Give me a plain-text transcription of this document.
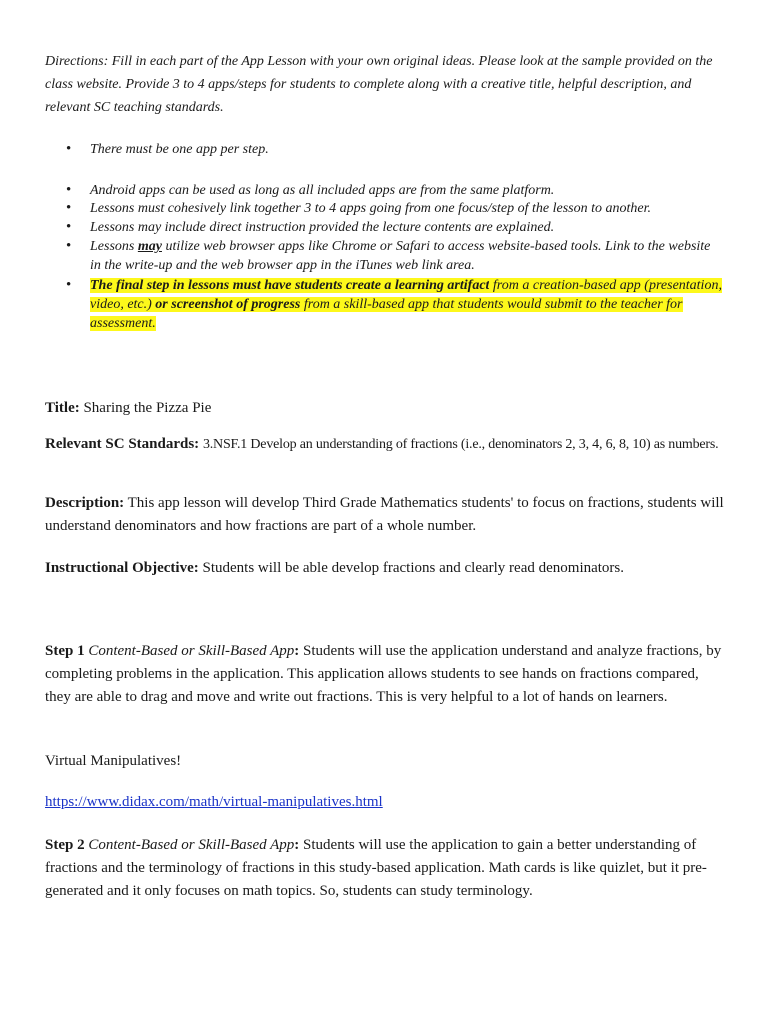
Directions: Fill in each part of the App Lesson with your own original ideas. Please look at the sample provided on the class website. Provide 3 to 4 apps/steps for students to complete along with a creative title, helpful description, and relevant SC teaching standards.
• There must be one app per step.
• Android apps can be used as long as all included apps are from the same platform.
• Lessons must cohesively link together 3 to 4 apps going from one focus/step of the lesson to another.
• Lessons may include direct instruction provided the lecture contents are explained.
• Lessons may utilize web browser apps like Chrome or Safari to access website-based tools. Link to the website in the write-up and the web browser app in the iTunes web link area.
• The final step in lessons must have students create a learning artifact from a creation-based app (presentation, video, etc.) or screenshot of progress from a skill-based app that students would submit to the teacher for assessment.
Title: Sharing the Pizza Pie
Relevant SC Standards: 3.NSF.1 Develop an understanding of fractions (i.e., denominators 2, 3, 4, 6, 8, 10) as numbers.
Description: This app lesson will develop Third Grade Mathematics students' to focus on fractions, students will understand denominators and how fractions are part of a whole number.
Instructional Objective: Students will be able develop fractions and clearly read denominators.
Step 1 Content-Based or Skill-Based App: Students will use the application understand and analyze fractions, by completing problems in the application. This application allows students to see hands on fractions compared, they are able to drag and move and write out fractions. This is very helpful to a lot of hands on learners.
Virtual Manipulatives!
https://www.didax.com/math/virtual-manipulatives.html
Step 2 Content-Based or Skill-Based App: Students will use the application to gain a better understanding of fractions and the terminology of fractions in this study-based application. Math cards is like quizlet, but it pre-generated and it only focuses on math topics. So, students can study terminology.
